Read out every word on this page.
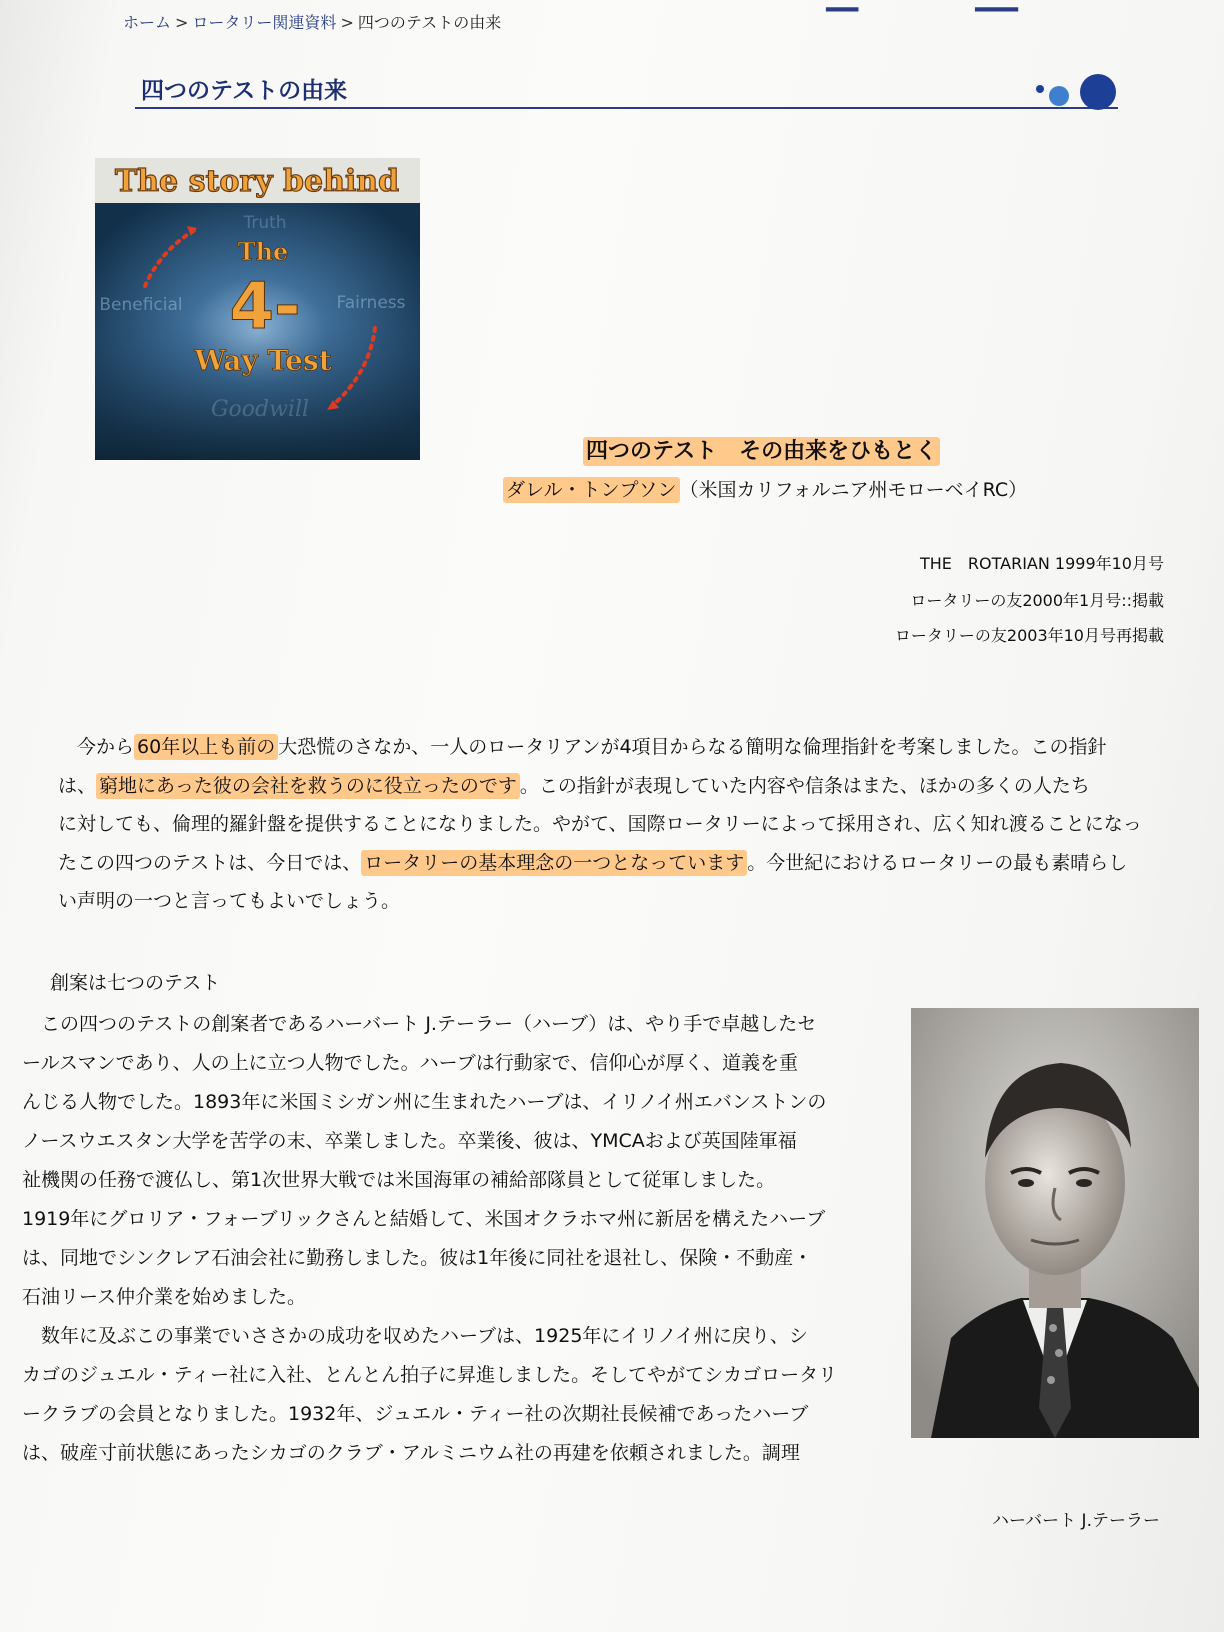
▂▂▂	▂▂▂▂
ホーム > ロータリー関連資料 > 四つのテストの由来
四つのテストの由来
The story behind
Truth
Beneficial	Fairness
Goodwill
The
4-
Way Test
四つのテスト　その由来をひもとく
ダレル・トンプソン （米国カリフォルニア州モローベイRC）
THE　ROTARIAN 1999年10月号
ロータリーの友2000年1月号::掲載
ロータリーの友2003年10月号再掲載
　今から 60年以上も前の 大恐慌のさなか、一人のロータリアンが4項目からなる簡明な倫理指針を考案しました。この指針
は、 窮地にあった彼の会社を救うのに役立ったのです 。この指針が表現していた内容や信条はまた、ほかの多くの人たち
に対しても、倫理的羅針盤を提供することになりました。やがて、国際ロータリーによって採用され、広く知れ渡ることになっ
たこの四つのテストは、今日では、 ロータリーの基本理念の一つとなっています 。今世紀におけるロータリーの最も素晴らし
い声明の一つと言ってもよいでしょう。
創案は七つのテスト
　この四つのテストの創案者であるハーバート J.テーラー（ハーブ）は、やり手で卓越したセ
ールスマンであり、人の上に立つ人物でした。ハーブは行動家で、信仰心が厚く、道義を重
んじる人物でした。1893年に米国ミシガン州に生まれたハーブは、イリノイ州エバンストンの
ノースウエスタン大学を苦学の末、卒業しました。卒業後、彼は、YMCAおよび英国陸軍福
祉機関の任務で渡仏し、第1次世界大戦では米国海軍の補給部隊員として従軍しました。
1919年にグロリア・フォーブリックさんと結婚して、米国オクラホマ州に新居を構えたハーブ
は、同地でシンクレア石油会社に勤務しました。彼は1年後に同社を退社し、保険・不動産・
石油リース仲介業を始めました。
　数年に及ぶこの事業でいささかの成功を収めたハーブは、1925年にイリノイ州に戻り、シ
カゴのジュエル・ティー社に入社、とんとん拍子に昇進しました。そしてやがてシカゴロータリ
ークラブの会員となりました。1932年、ジュエル・ティー社の次期社長候補であったハーブ
は、破産寸前状態にあったシカゴのクラブ・アルミニウム社の再建を依頼されました。調理
ハーバート J.テーラー
